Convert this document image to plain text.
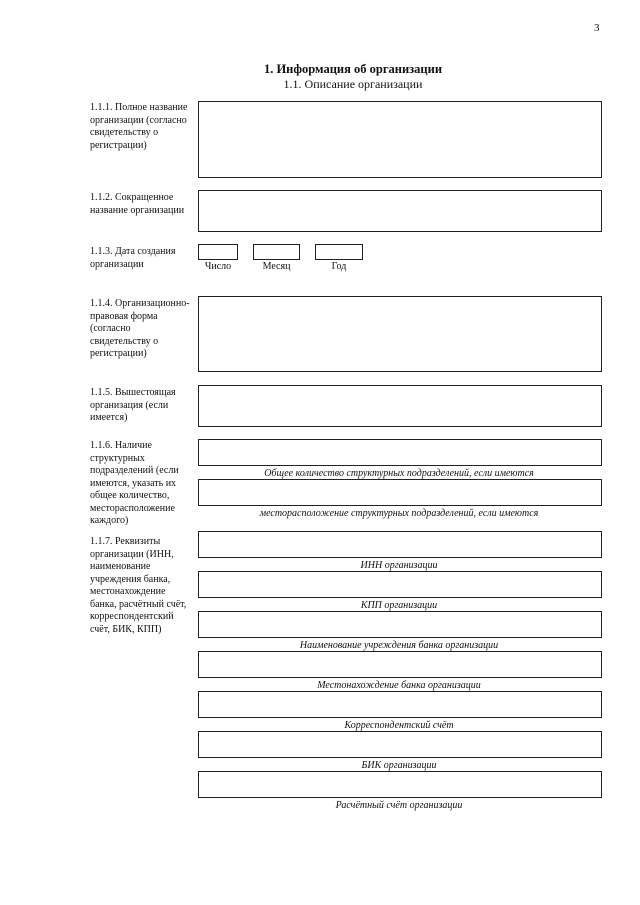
3
1. Информация об организации
1.1. Описание организации
1.1.1. Полное название организации (согласно свидетельству о регистрации)
1.1.2. Сокращенное название организации
1.1.3. Дата создания организации	Число	Месяц	Год
1.1.4. Организационно-правовая форма (согласно свидетельству о регистрации)
1.1.5. Вышестоящая организация (если имеется)
1.1.6. Наличие структурных подразделений (если имеются, указать их общее количество, месторасположение каждого)
Общее количество структурных подразделений, если имеются
месторасположение структурных подразделений, если имеются
1.1.7. Реквизиты организации (ИНН, наименование учреждения банка, местонахождение банка, расчётный счёт, корреспондентский счёт, БИК, КПП)
ИНН организации
КПП организации
Наименование учреждения банка организации
Местонахождение банка организации
Корреспондентский счёт
БИК организации
Расчётный счёт организации
